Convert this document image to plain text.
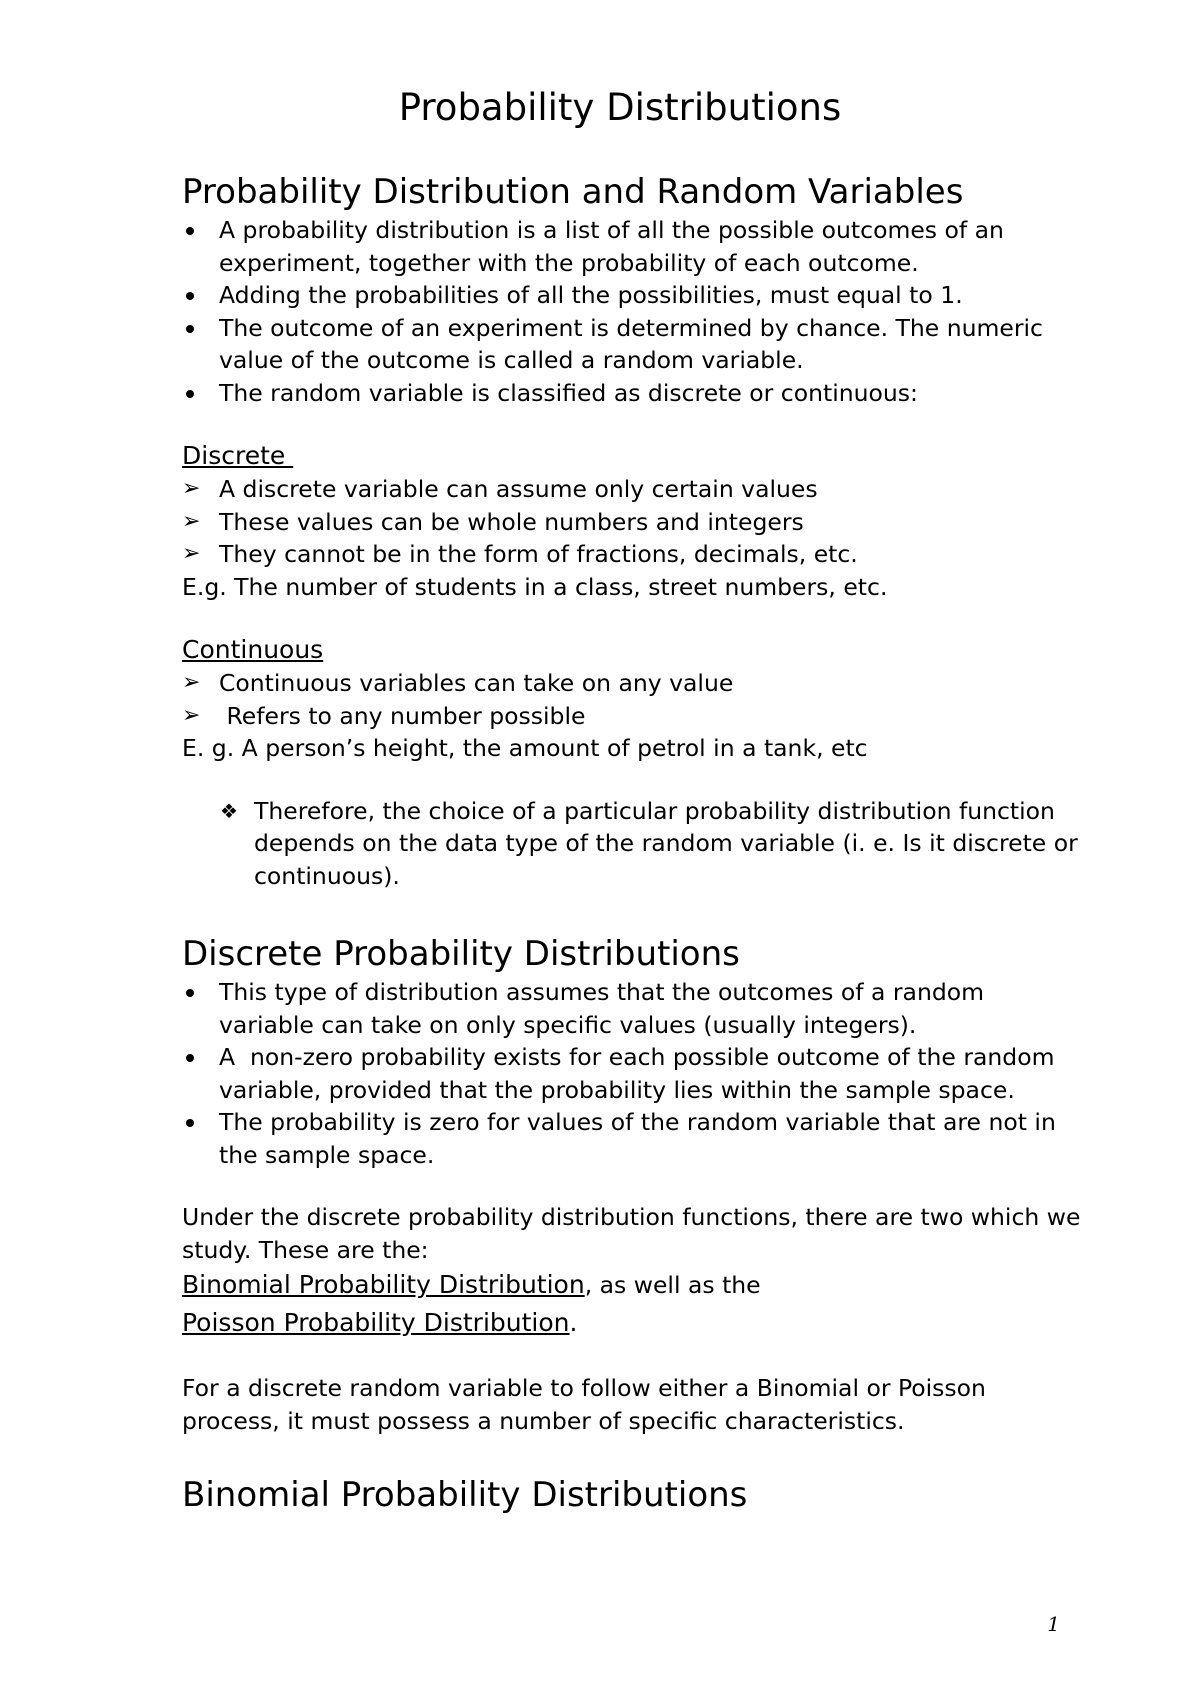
Probability Distributions
Probability Distribution and Random Variables
A probability distribution is a list of all the possible outcomes of an experiment, together with the probability of each outcome.
Adding the probabilities of all the possibilities, must equal to 1.
The outcome of an experiment is determined by chance. The numeric value of the outcome is called a random variable.
The random variable is classified as discrete or continuous:
Discrete
➢ A discrete variable can assume only certain values
➢ These values can be whole numbers and integers
➢ They cannot be in the form of fractions, decimals, etc.
E.g. The number of students in a class, street numbers, etc.
Continuous
➢ Continuous variables can take on any value
➢ Refers to any number possible
E. g. A person’s height, the amount of petrol in a tank, etc
❖ Therefore, the choice of a particular probability distribution function depends on the data type of the random variable (i. e. Is it discrete or continuous).
Discrete Probability Distributions
This type of distribution assumes that the outcomes of a random variable can take on only specific values (usually integers).
A  non-zero probability exists for each possible outcome of the random variable, provided that the probability lies within the sample space.
The probability is zero for values of the random variable that are not in the sample space.
Under the discrete probability distribution functions, there are two which we study. These are the:
Binomial Probability Distribution, as well as the
Poisson Probability Distribution.
For a discrete random variable to follow either a Binomial or Poisson process, it must possess a number of specific characteristics.
Binomial Probability Distributions
1
